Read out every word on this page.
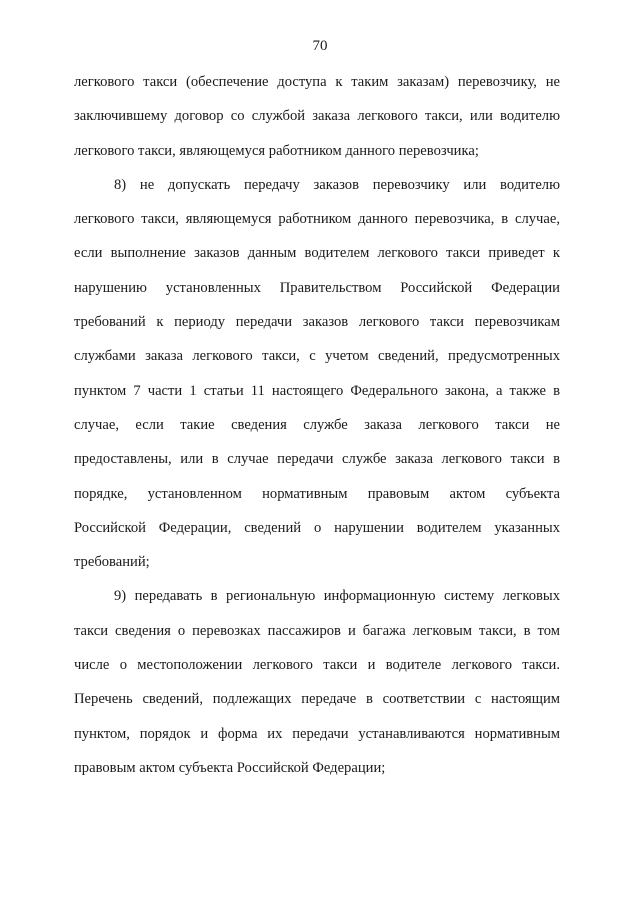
70
легкового такси (обеспечение доступа к таким заказам) перевозчику, не
заключившему договор со службой заказа легкового такси, или водителю
легкового такси, являющемуся работником данного перевозчика;
8) не допускать передачу заказов перевозчику или водителю
легкового такси, являющемуся работником данного перевозчика, в случае,
если выполнение заказов данным водителем легкового такси приведет к
нарушению установленных Правительством Российской Федерации
требований к периоду передачи заказов легкового такси перевозчикам
службами заказа легкового такси, с учетом сведений, предусмотренных
пунктом 7 части 1 статьи 11 настоящего Федерального закона, а также в
случае, если такие сведения службе заказа легкового такси не
предоставлены, или в случае передачи службе заказа легкового такси в
порядке, установленном нормативным правовым актом субъекта
Российской Федерации, сведений о нарушении водителем указанных
требований;
9) передавать в региональную информационную систему легковых
такси сведения о перевозках пассажиров и багажа легковым такси, в том
числе о местоположении легкового такси и водителе легкового такси.
Перечень сведений, подлежащих передаче в соответствии с настоящим
пунктом, порядок и форма их передачи устанавливаются нормативным
правовым актом субъекта Российской Федерации;
